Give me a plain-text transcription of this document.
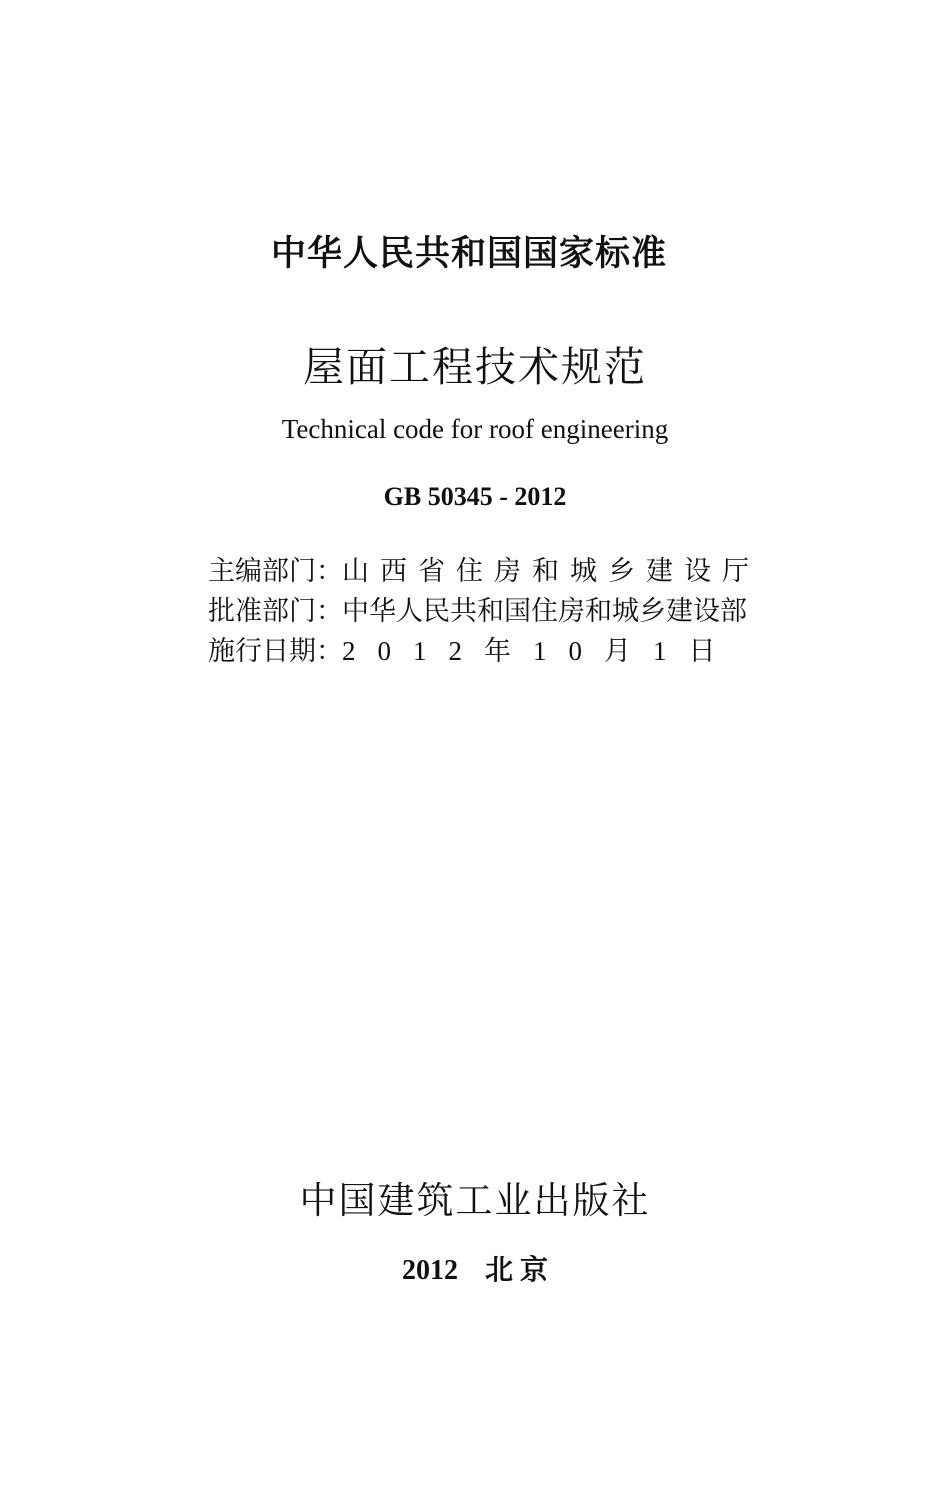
中华人民共和国国家标准
屋面工程技术规范
Technical code for roof engineering
GB 50345 - 2012
主编部门： 山西省住房和城乡建设厅
批准部门： 中华人民共和国住房和城乡建设部
施行日期： 2012年10月1日
中国建筑工业出版社
2012 北 京
